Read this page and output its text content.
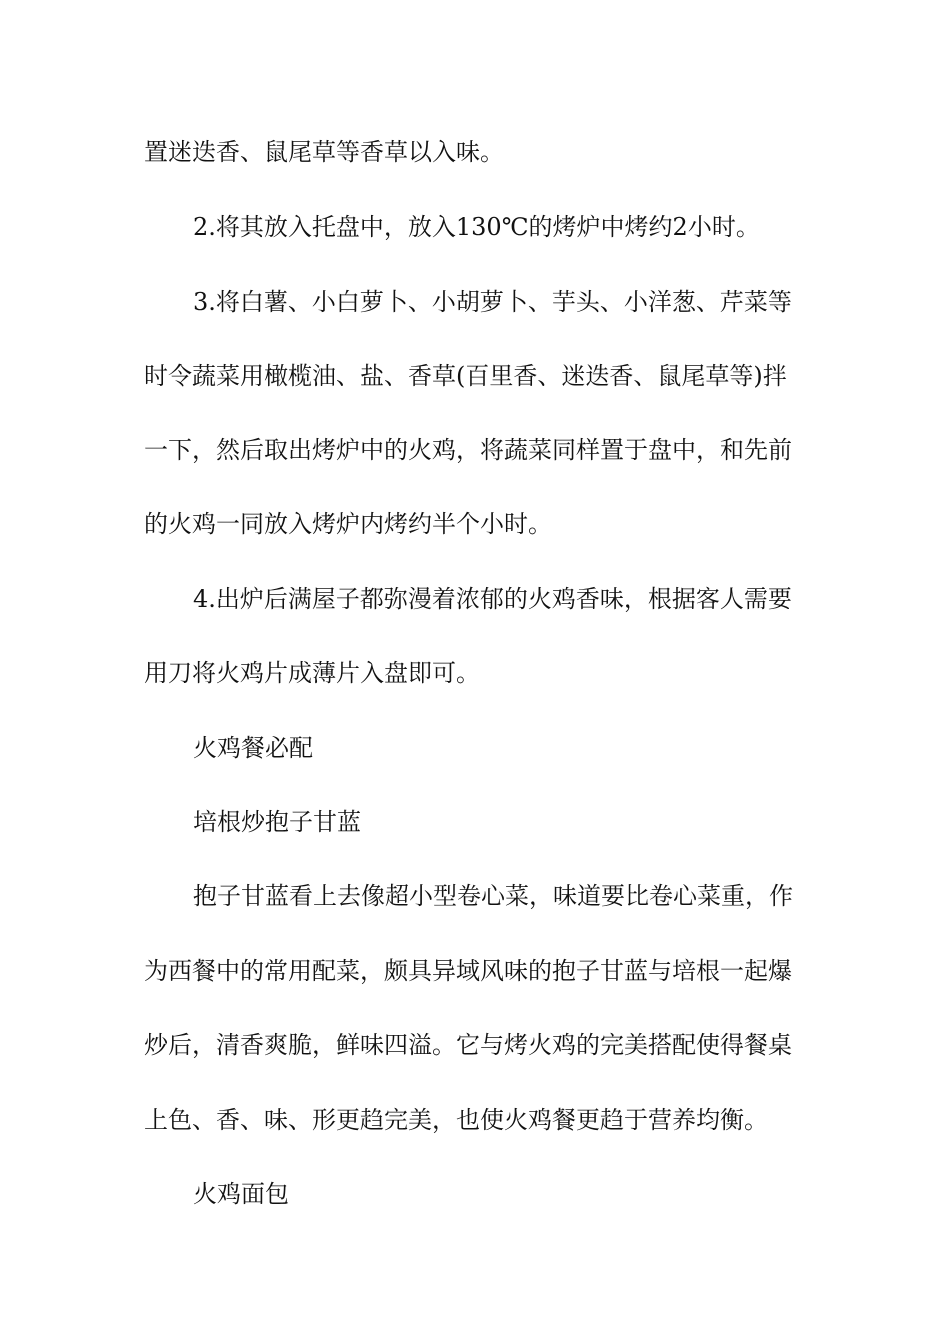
置迷迭香、鼠尾草等香草以入味。
2.将其放入托盘中，放入130℃的烤炉中烤约2小时。
3.将白薯、小白萝卜、小胡萝卜、芋头、小洋葱、芹菜等
时令蔬菜用橄榄油、盐、香草(百里香、迷迭香、鼠尾草等)拌
一下，然后取出烤炉中的火鸡，将蔬菜同样置于盘中，和先前
的火鸡一同放入烤炉内烤约半个小时。
4.出炉后满屋子都弥漫着浓郁的火鸡香味，根据客人需要
用刀将火鸡片成薄片入盘即可。
火鸡餐必配
培根炒抱子甘蓝
抱子甘蓝看上去像超小型卷心菜，味道要比卷心菜重，作
为西餐中的常用配菜，颇具异域风味的抱子甘蓝与培根一起爆
炒后，清香爽脆，鲜味四溢。它与烤火鸡的完美搭配使得餐桌
上色、香、味、形更趋完美，也使火鸡餐更趋于营养均衡。
火鸡面包
